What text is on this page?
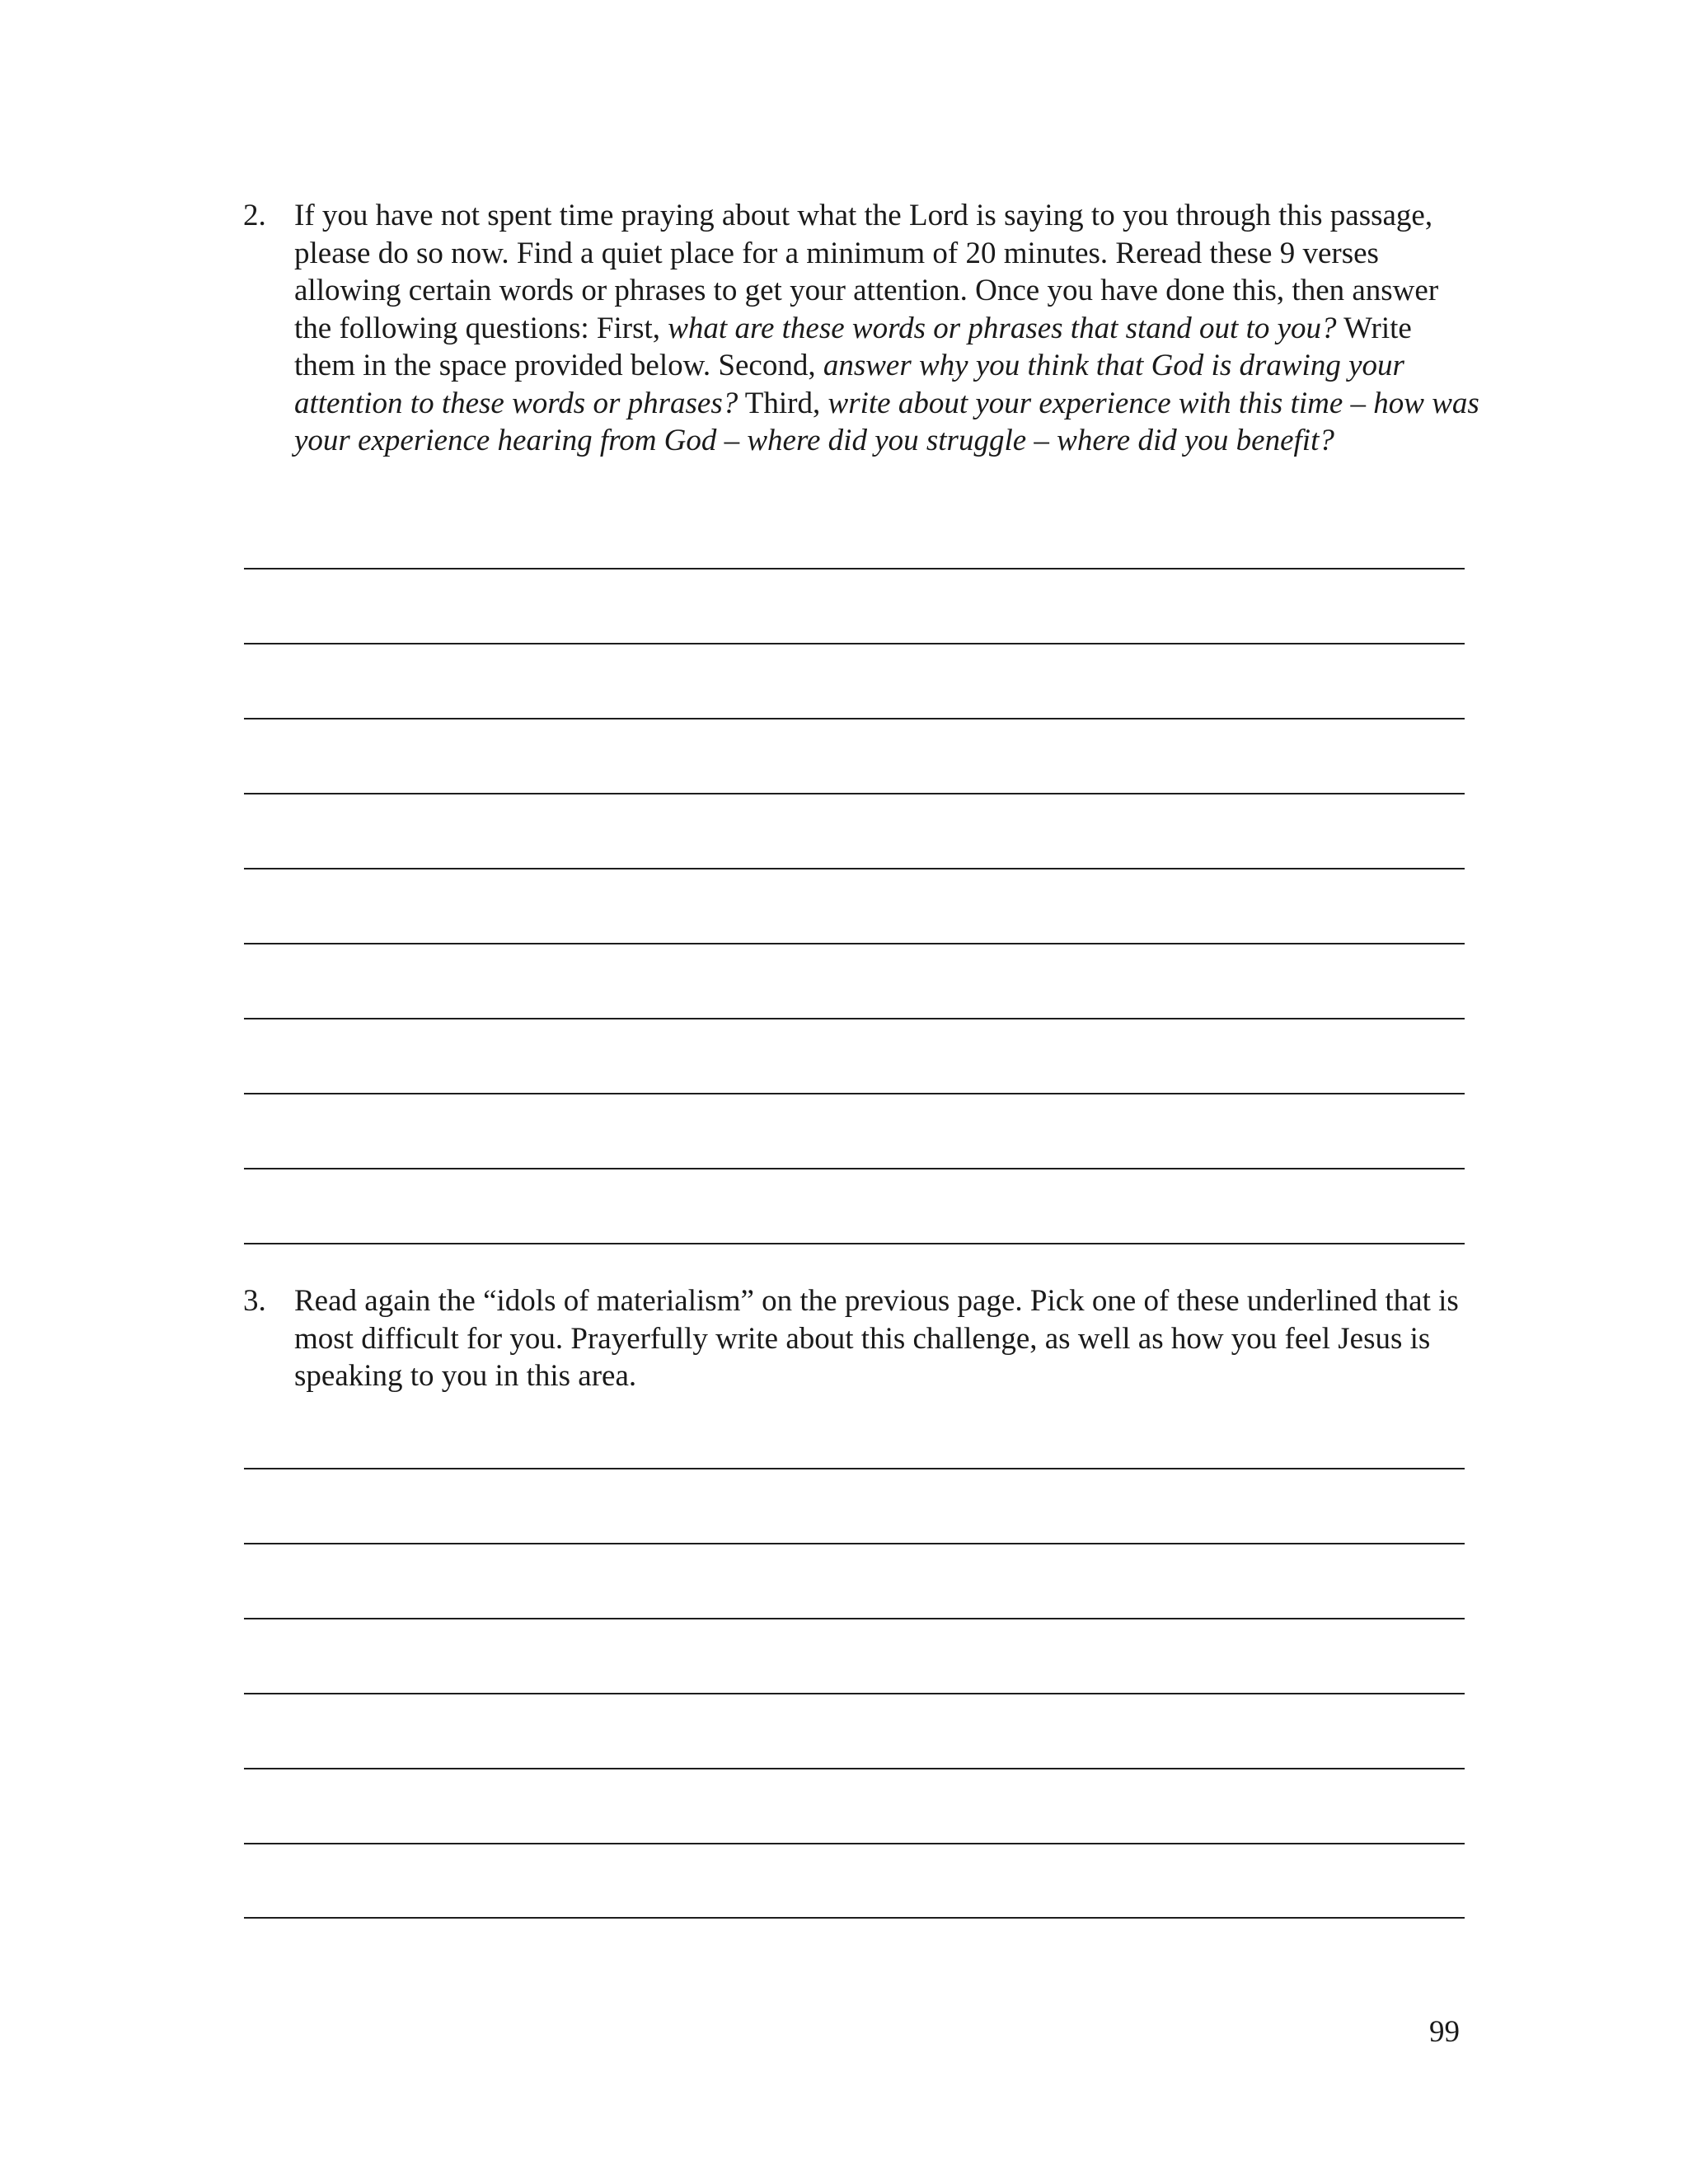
2. If you have not spent time praying about what the Lord is saying to you through this passage, please do so now. Find a quiet place for a minimum of 20 minutes. Reread these 9 verses allowing certain words or phrases to get your attention. Once you have done this, then answer the following questions: First, what are these words or phrases that stand out to you? Write them in the space provided below. Second, answer why you think that God is drawing your attention to these words or phrases? Third, write about your experience with this time – how was your experience hearing from God – where did you struggle – where did you benefit?
3. Read again the “idols of materialism” on the previous page. Pick one of these underlined that is most difficult for you. Prayerfully write about this challenge, as well as how you feel Jesus is speaking to you in this area.
99
